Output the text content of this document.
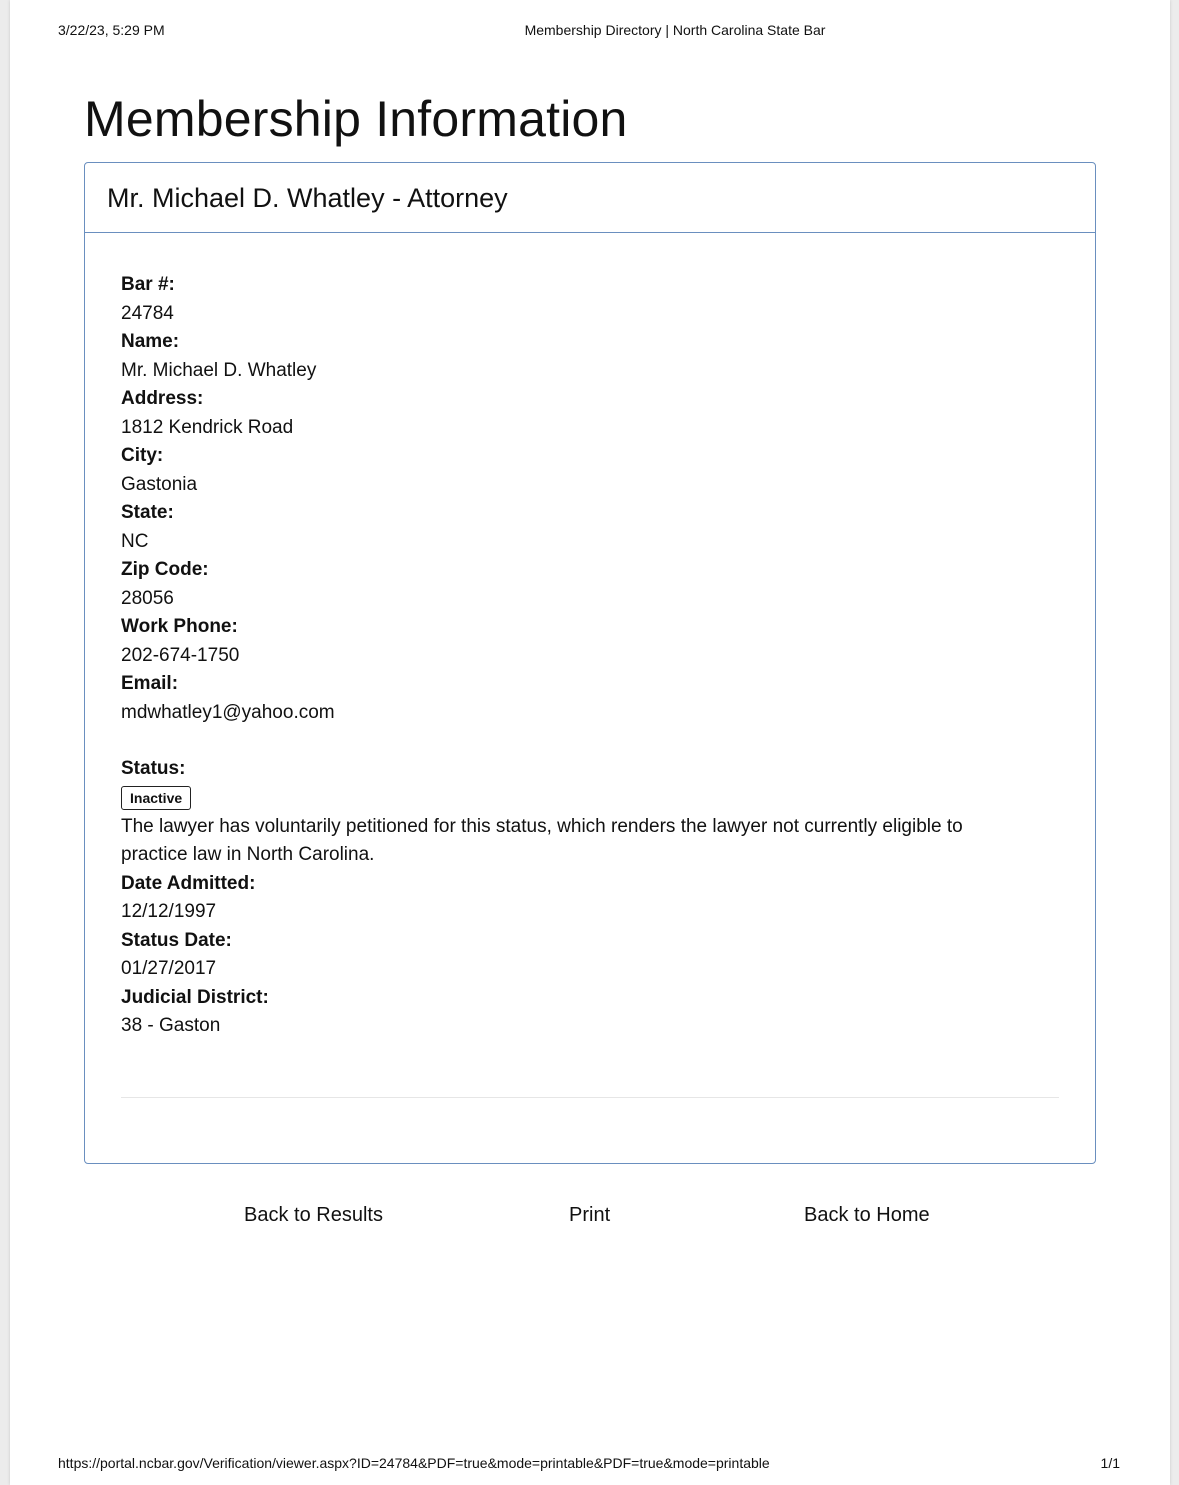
3/22/23, 5:29 PM	Membership Directory | North Carolina State Bar
Membership Information
Mr. Michael D. Whatley - Attorney
Bar #:
24784
Name:
Mr. Michael D. Whatley
Address:
1812 Kendrick Road
City:
Gastonia
State:
NC
Zip Code:
28056
Work Phone:
202-674-1750
Email:
mdwhatley1@yahoo.com
Status:
Inactive
The lawyer has voluntarily petitioned for this status, which renders the lawyer not currently eligible to practice law in North Carolina.
Date Admitted:
12/12/1997
Status Date:
01/27/2017
Judicial District:
38 - Gaston
Back to Results	Print	Back to Home
https://portal.ncbar.gov/Verification/viewer.aspx?ID=24784&PDF=true&mode=printable&PDF=true&mode=printable	1/1
